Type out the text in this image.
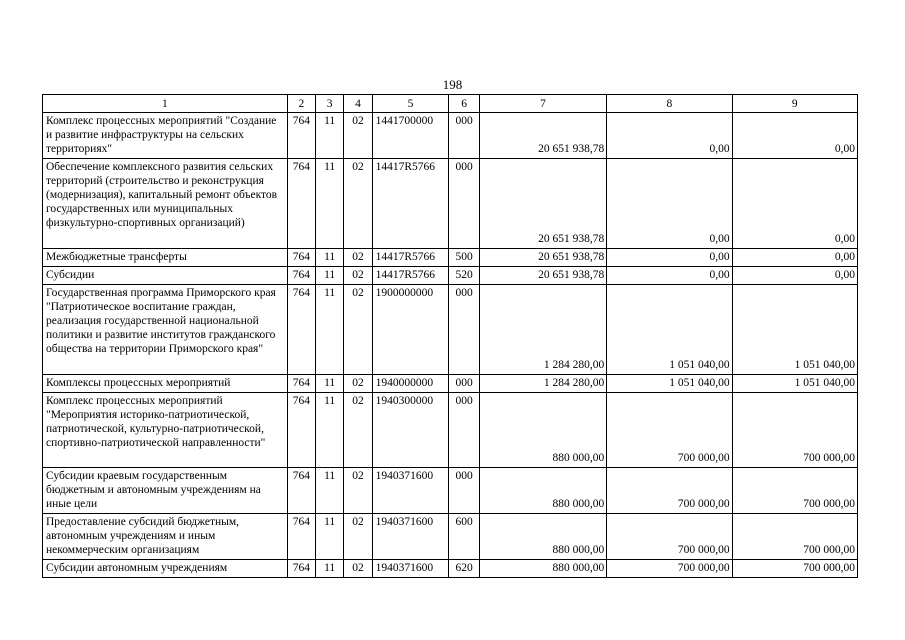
198
1	2	3	4	5	6	7	8	9
Комплекс процессных мероприятий "Создание и развитие инфраструктуры на сельских территориях"	764	11	02	1441700000	000	20 651 938,78	0,00	0,00
Обеспечение комплексного развития сельских территорий (строительство и реконструкция (модернизация), капитальный ремонт объектов государственных или муниципальных физкультурно-спортивных организаций)	764	11	02	14417R5766	000	20 651 938,78	0,00	0,00
Межбюджетные трансферты	764	11	02	14417R5766	500	20 651 938,78	0,00	0,00
Субсидии	764	11	02	14417R5766	520	20 651 938,78	0,00	0,00
Государственная программа Приморского края "Патриотическое воспитание граждан, реализация государственной национальной политики и развитие институтов гражданского общества на территории Приморского края"	764	11	02	1900000000	000	1 284 280,00	1 051 040,00	1 051 040,00
Комплексы процессных мероприятий	764	11	02	1940000000	000	1 284 280,00	1 051 040,00	1 051 040,00
Комплекс процессных мероприятий "Мероприятия историко-патриотической, патриотической, культурно-патриотической, спортивно-патриотической направленности"	764	11	02	1940300000	000	880 000,00	700 000,00	700 000,00
Субсидии краевым государственным бюджетным и автономным учреждениям на иные цели	764	11	02	1940371600	000	880 000,00	700 000,00	700 000,00
Предоставление субсидий бюджетным, автономным учреждениям и иным некоммерческим организациям	764	11	02	1940371600	600	880 000,00	700 000,00	700 000,00
Субсидии автономным учреждениям	764	11	02	1940371600	620	880 000,00	700 000,00	700 000,00
